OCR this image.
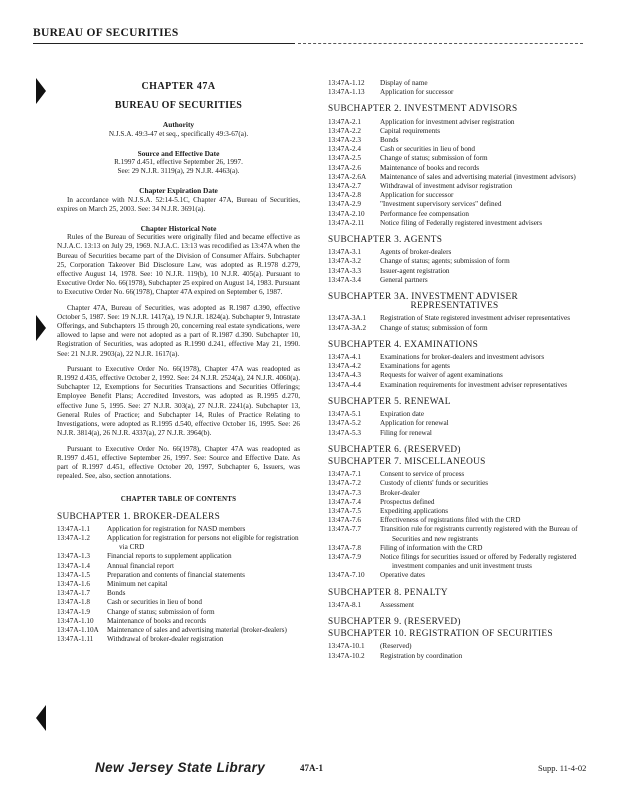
BUREAU OF SECURITIES
CHAPTER 47A
BUREAU OF SECURITIES
Authority
N.J.S.A. 49:3-47 et seq., specifically 49:3-67(a).
Source and Effective Date
R.1997 d.451, effective September 26, 1997.
See: 29 N.J.R. 3119(a), 29 N.J.R. 4463(a).
Chapter Expiration Date

In accordance with N.J.S.A. 52:14-5.1C, Chapter 47A, Bureau of Securities, expires on March 25, 2003. See: 34 N.J.R. 3691(a).

Chapter Historical Note

Rules of the Bureau of Securities were originally filed and became effective as N.J.A.C. 13:13 on July 29, 1969. N.J.A.C. 13:13 was recodified as 13:47A when the Bureau of Securities became part of the Division of Consumer Affairs. Subchapter 25, Corporation Takeover Bid Disclosure Law, was adopted as R.1978 d.279, effective August 14, 1978. See: 10 N.J.R. 119(b), 10 N.J.R. 405(a). Pursuant to Executive Order No. 66(1978), Subchapter 25 expired on August 14, 1983. Pursuant to Executive Order No. 66(1978), Chapter 47A expired on September 6, 1987.

Chapter 47A, Bureau of Securities, was adopted as R.1987 d.390, effective October 5, 1987. See: 19 N.J.R. 1417(a), 19 N.J.R. 1824(a). Subchapter 9, Intrastate Offerings, and Subchapters 15 through 20, concerning real estate syndications, were allowed to lapse and were not adopted as a part of R.1987 d.390. Subchapter 10, Registration of Securities, was adopted as R.1990 d.241, effective May 21, 1990. See: 21 N.J.R. 2903(a), 22 N.J.R. 1617(a).

Pursuant to Executive Order No. 66(1978), Chapter 47A was readopted as R.1992 d.435, effective October 2, 1992. See: 24 N.J.R. 2524(a), 24 N.J.R. 4060(a). Subchapter 12, Exemptions for Securities Transactions and Securities Offerings; Employee Benefit Plans; Accredited Investors, was adopted as R.1995 d.270, effective June 5, 1995. See: 27 N.J.R. 303(a), 27 N.J.R. 2241(a). Subchapter 13, General Rules of Practice; and Subchapter 14, Rules of Practice Relating to Investigations, were adopted as R.1995 d.540, effective October 16, 1995. See: 26 N.J.R. 3814(a), 26 N.J.R. 4337(a), 27 N.J.R. 3964(b).

Pursuant to Executive Order No. 66(1978), Chapter 47A was readopted as R.1997 d.451, effective September 26, 1997. See: Source and Effective Date. As part of R.1997 d.451, effective October 20, 1997, Subchapter 6, Issuers, was repealed. See, also, section annotations.

CHAPTER TABLE OF CONTENTS
SUBCHAPTER 1. BROKER-DEALERS
13:47A-1.1	Application for registration for NASD members
13:47A-1.2	Application for registration for persons not eligible for registration via CRD
13:47A-1.3	Financial reports to supplement application
13:47A-1.4	Annual financial report
13:47A-1.5	Preparation and contents of financial statements
13:47A-1.6	Minimum net capital
13:47A-1.7	Bonds
13:47A-1.8	Cash or securities in lieu of bond
13:47A-1.9	Change of status; submission of form
13:47A-1.10	Maintenance of books and records
13:47A-1.10A	Maintenance of sales and advertising material (broker-dealers)
13:47A-1.11	Withdrawal of broker-dealer registration
13:47A-1.12	Display of name
13:47A-1.13	Application for successor
SUBCHAPTER 2. INVESTMENT ADVISORS
13:47A-2.1	Application for investment adviser registration
13:47A-2.2	Capital requirements
13:47A-2.3	Bonds
13:47A-2.4	Cash or securities in lieu of bond
13:47A-2.5	Change of status; submission of form
13:47A-2.6	Maintenance of books and records
13:47A-2.6A	Maintenance of sales and advertising material (investment advisors)
13:47A-2.7	Withdrawal of investment advisor registration
13:47A-2.8	Application for successor
13:47A-2.9	"Investment supervisory services" defined
13:47A-2.10	Performance fee compensation
13:47A-2.11	Notice filing of Federally registered investment advisers
SUBCHAPTER 3. AGENTS
13:47A-3.1	Agents of broker-dealers
13:47A-3.2	Change of status; agents; submission of form
13:47A-3.3	Issuer-agent registration
13:47A-3.4	General partners
SUBCHAPTER 3A. INVESTMENT ADVISER
REPRESENTATIVES
13:47A-3A.1	Registration of State registered investment adviser representatives
13:47A-3A.2	Change of status; submission of form
SUBCHAPTER 4. EXAMINATIONS
13:47A-4.1	Examinations for broker-dealers and investment advisors
13:47A-4.2	Examinations for agents
13:47A-4.3	Requests for waiver of agent examinations
13:47A-4.4	Examination requirements for investment adviser representatives
SUBCHAPTER 5. RENEWAL
13:47A-5.1	Expiration date
13:47A-5.2	Application for renewal
13:47A-5.3	Filing for renewal
SUBCHAPTER 6. (RESERVED)
SUBCHAPTER 7. MISCELLANEOUS
13:47A-7.1	Consent to service of process
13:47A-7.2	Custody of clients' funds or securities
13:47A-7.3	Broker-dealer
13:47A-7.4	Prospectus defined
13:47A-7.5	Expediting applications
13:47A-7.6	Effectiveness of registrations filed with the CRD
13:47A-7.7	Transition rule for registrants currently registered with the Bureau of Securities and new registrants
13:47A-7.8	Filing of information with the CRD
13:47A-7.9	Notice filings for securities issued or offered by Federally registered investment companies and unit investment trusts
13:47A-7.10	Operative dates
SUBCHAPTER 8. PENALTY
13:47A-8.1	Assessment
SUBCHAPTER 9. (RESERVED)
SUBCHAPTER 10. REGISTRATION OF SECURITIES
13:47A-10.1	(Reserved)
13:47A-10.2	Registration by coordination
New Jersey State Library	47A-1	Supp. 11-4-02
